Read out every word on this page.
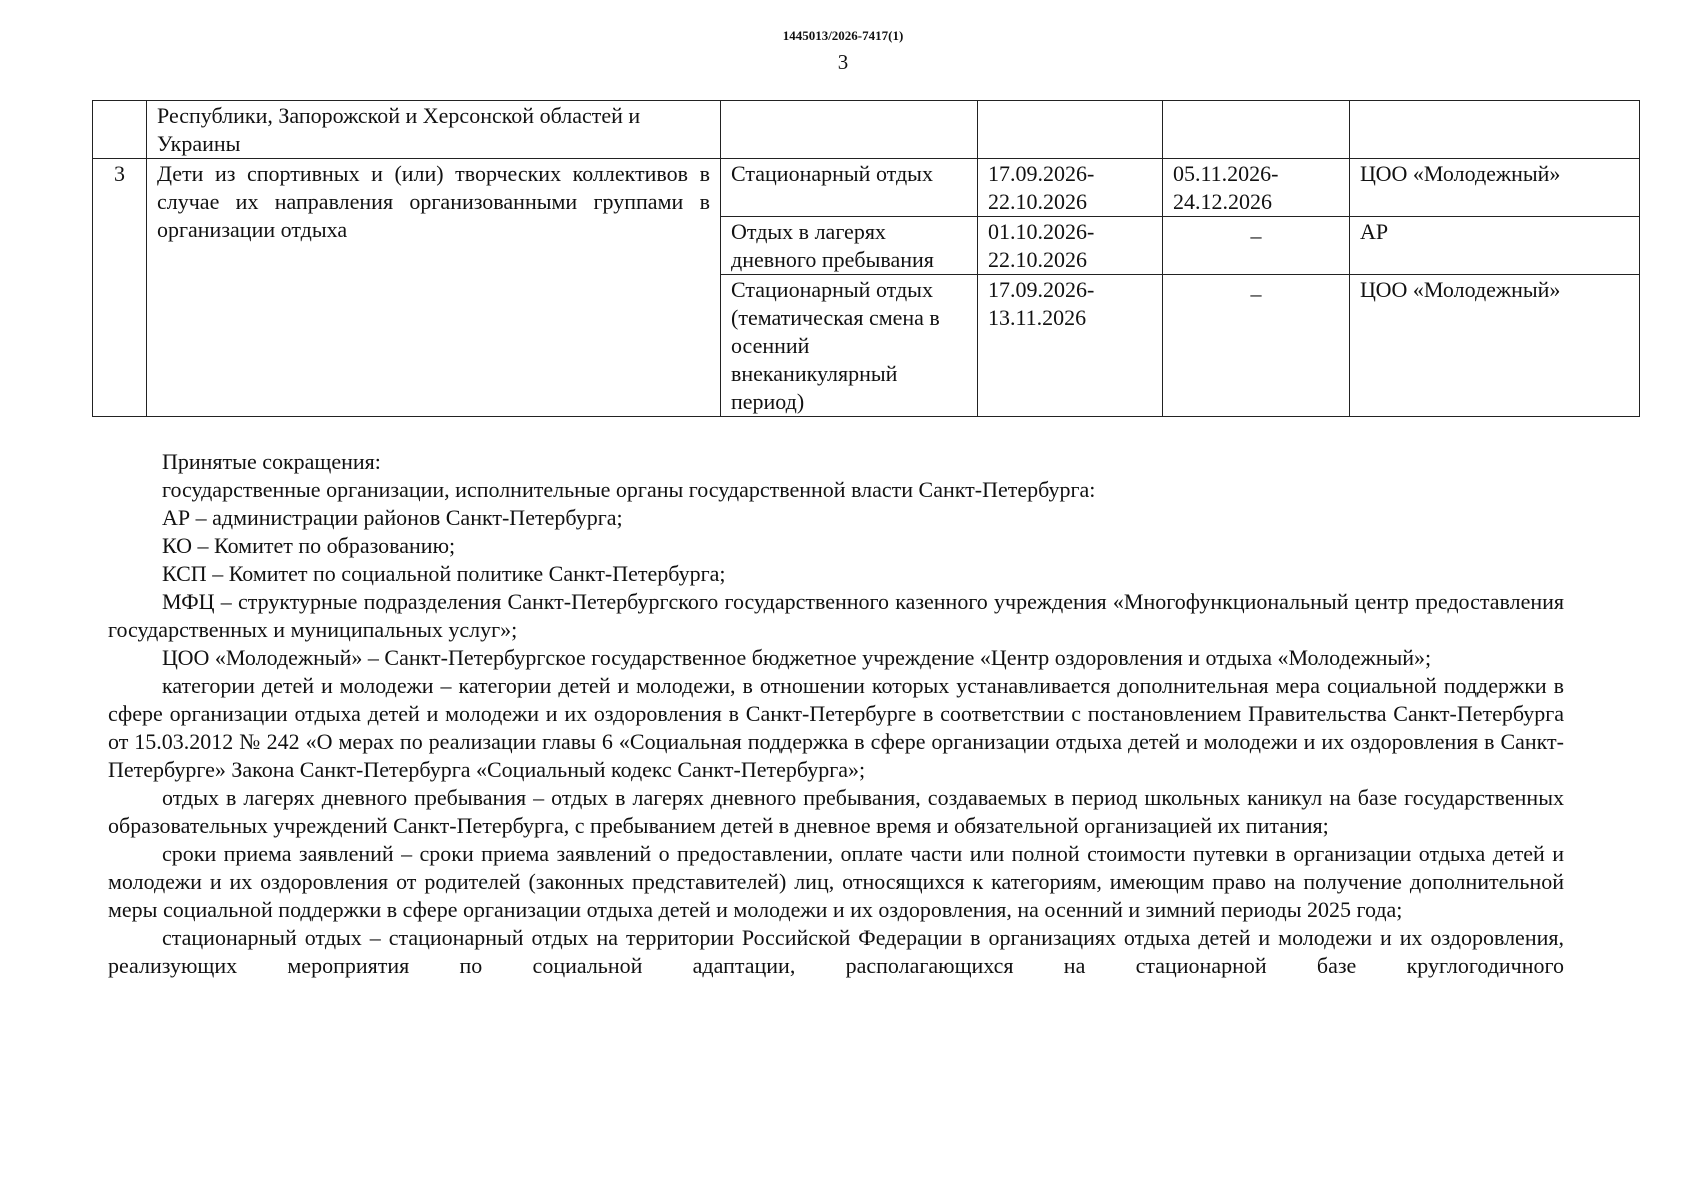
1445013/2026-7417(1)
3
	Республики, Запорожской и Херсонской областей и Украины				
3	Дети из спортивных и (или) творческих коллективов в случае их направления организованными группами в организации отдыха	Стационарный отдых	17.09.2026-22.10.2026	05.11.2026-24.12.2026	ЦОО «Молодежный»
		Отдых в лагерях дневного пребывания	01.10.2026-22.10.2026	–	АР
		Стационарный отдых (тематическая смена в осенний внеканикулярный период)	17.09.2026-13.11.2026	–	ЦОО «Молодежный»

Принятые сокращения:

государственные организации, исполнительные органы государственной власти Санкт-Петербурга:

АР – администрации районов Санкт-Петербурга;

КО – Комитет по образованию;

КСП – Комитет по социальной политике Санкт-Петербурга;

МФЦ – структурные подразделения Санкт-Петербургского государственного казенного учреждения «Многофункциональный центр предоставления государственных и муниципальных услуг»;

ЦОО «Молодежный» – Санкт-Петербургское государственное бюджетное учреждение «Центр оздоровления и отдыха «Молодежный»;

категории детей и молодежи – категории детей и молодежи, в отношении которых устанавливается дополнительная мера социальной поддержки в сфере организации отдыха детей и молодежи и их оздоровления в Санкт-Петербурге в соответствии с постановлением Правительства Санкт-Петербурга от 15.03.2012 № 242 «О мерах по реализации главы 6 «Социальная поддержка в сфере организации отдыха детей и молодежи и их оздоровления в Санкт-Петербурге» Закона Санкт-Петербурга «Социальный кодекс Санкт-Петербурга»;

отдых в лагерях дневного пребывания – отдых в лагерях дневного пребывания, создаваемых в период школьных каникул на базе государственных образовательных учреждений Санкт-Петербурга, с пребыванием детей в дневное время и обязательной организацией их питания;

сроки приема заявлений – сроки приема заявлений о предоставлении, оплате части или полной стоимости путевки в организации отдыха детей и молодежи и их оздоровления от родителей (законных представителей) лиц, относящихся к категориям, имеющим право на получение дополнительной меры социальной поддержки в сфере организации отдыха детей и молодежи и их оздоровления, на осенний и зимний периоды 2025 года;

стационарный отдых – стационарный отдых на территории Российской Федерации в организациях отдыха детей и молодежи и их оздоровления, реализующих мероприятия по социальной адаптации, располагающихся на стационарной базе круглогодичного
